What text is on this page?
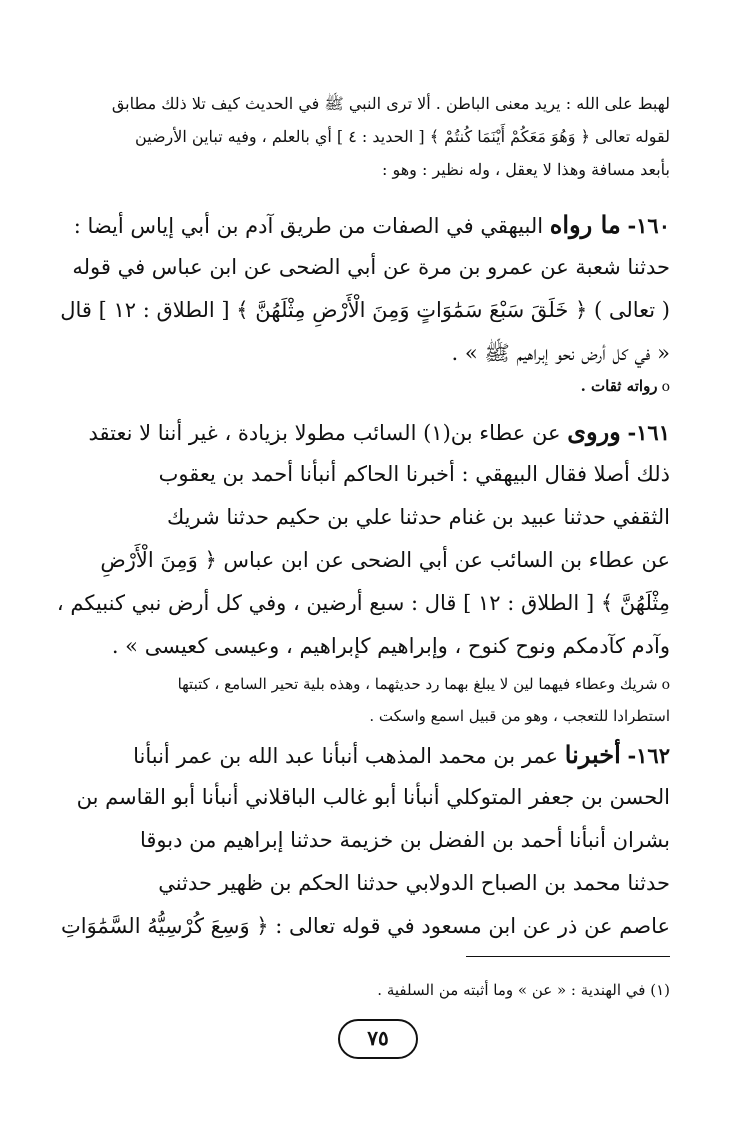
لهبط على الله : يريد معنى الباطن . ألا ترى النبي ﷺ في الحديث كيف تلا ذلك مطابق
لقوله تعالى ﴿ وَهُوَ مَعَكُمْ أَيْنَمَا كُنتُمْ ﴾ [ الحديد : ٤ ] أي بالعلم ، وفيه تباين الأرضين
بأبعد مسافة وهذا لا يعقل ، وله نظير : وهو :
١٦٠- ما رواه البيهقي في الصفات من طريق آدم بن أبي إياس أيضا :
حدثنا شعبة عن عمرو بن مرة عن أبي الضحى عن ابن عباس في قوله
( تعالى ) ﴿ خَلَقَ سَبْعَ سَمَٰوَاتٍ وَمِنَ الْأَرْضِ مِثْلَهُنَّ ﴾ [ الطلاق : ١٢ ] قال
« في كل أرض نحو إبراهيم ﷺ » .
oرواته ثقات .
١٦١- وروى عن عطاء بن(١) السائب مطولا بزيادة ، غير أننا لا نعتقد
ذلك أصلا فقال البيهقي : أخبرنا الحاكم أنبأنا أحمد بن يعقوب
الثقفي حدثنا عبيد بن غنام حدثنا علي بن حكيم حدثنا شريك
عن عطاء بن السائب عن أبي الضحى عن ابن عباس ﴿ وَمِنَ الْأَرْضِ
مِثْلَهُنَّ ﴾ [ الطلاق : ١٢ ] قال : سبع أرضين ، وفي كل أرض نبي كنبيكم ،
وآدم كآدمكم ونوح كنوح ، وإبراهيم كإبراهيم ، وعيسى كعيسى » .
oشريك وعطاء فيهما لين لا يبلغ بهما رد حديثهما ، وهذه بلية تحير السامع ، كتبتها
استطرادا للتعجب ، وهو من قبيل اسمع واسكت .
١٦٢- أخبرنا عمر بن محمد المذهب أنبأنا عبد الله بن عمر أنبأنا
الحسن بن جعفر المتوكلي أنبأنا أبو غالب الباقلاني أنبأنا أبو القاسم بن
بشران أنبأنا أحمد بن الفضل بن خزيمة حدثنا إبراهيم من دبوقا
حدثنا محمد بن الصباح الدولابي حدثنا الحكم بن ظهير حدثني
عاصم عن ذر عن ابن مسعود في قوله تعالى : ﴿ وَسِعَ كُرْسِيُّهُ السَّمَٰوَاتِ
(١) في الهندية : « عن » وما أثبته من السلفية .
٧٥
